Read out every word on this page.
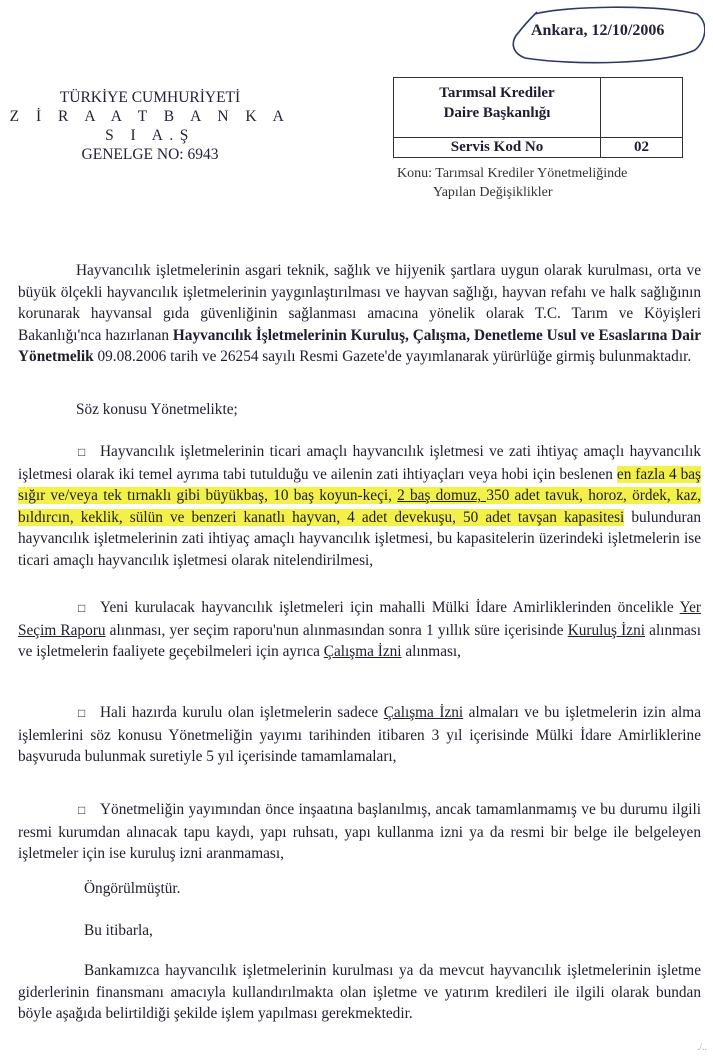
TÜRKİYE CUMHURİYETİ
Z İ R A A T B A N K A S I A.Ş
GENELGE NO: 6943
Ankara, 12/10/2006
Tarımsal Krediler
Daire Başkanlığı	

Servis Kod No	02
Konu: Tarımsal Krediler Yönetmeliğinde
Yapılan Değişiklikler
Hayvancılık işletmelerinin asgari teknik, sağlık ve hijyenik şartlara uygun olarak kurulması, orta ve büyük ölçekli hayvancılık işletmelerinin yaygınlaştırılması ve hayvan sağlığı, hayvan refahı ve halk sağlığının korunarak hayvansal gıda güvenliğinin sağlanması amacına yönelik olarak T.C. Tarım ve Köyişleri Bakanlığı'nca hazırlanan Hayvancılık İşletmelerinin Kuruluş, Çalışma, Denetleme Usul ve Esaslarına Dair Yönetmelik 09.08.2006 tarih ve 26254 sayılı Resmi Gazete'de yayımlanarak yürürlüğe girmiş bulunmaktadır.
Söz konusu Yönetmelikte;
□ Hayvancılık işletmelerinin ticari amaçlı hayvancılık işletmesi ve zati ihtiyaç amaçlı hayvancılık işletmesi olarak iki temel ayrıma tabi tutulduğu ve ailenin zati ihtiyaçları veya hobi için beslenen en fazla 4 baş sığır ve/veya tek tırnaklı gibi büyükbaş, 10 baş koyun-keçi, 2 baş domuz, 350 adet tavuk, horoz, ördek, kaz, bıldırcın, keklik, sülün ve benzeri kanatlı hayvan, 4 adet devekuşu, 50 adet tavşan kapasitesi bulunduran hayvancılık işletmelerinin zati ihtiyaç amaçlı hayvancılık işletmesi, bu kapasitelerin üzerindeki işletmelerin ise ticari amaçlı hayvancılık işletmesi olarak nitelendirilmesi,
□ Yeni kurulacak hayvancılık işletmeleri için mahalli Mülki İdare Amirliklerinden öncelikle Yer Seçim Raporu alınması, yer seçim raporu'nun alınmasından sonra 1 yıllık süre içerisinde Kuruluş İzni alınması ve işletmelerin faaliyete geçebilmeleri için ayrıca Çalışma İzni alınması,
□ Hali hazırda kurulu olan işletmelerin sadece Çalışma İzni almaları ve bu işletmelerin izin alma işlemlerini söz konusu Yönetmeliğin yayımı tarihinden itibaren 3 yıl içerisinde Mülki İdare Amirliklerine başvuruda bulunmak suretiyle 5 yıl içerisinde tamamlamaları,
□ Yönetmeliğin yayımından önce inşaatına başlanılmış, ancak tamamlanmamış ve bu durumu ilgili resmi kurumdan alınacak tapu kaydı, yapı ruhsatı, yapı kullanma izni ya da resmi bir belge ile belgeleyen işletmeler için ise kuruluş izni aranmaması,
Öngörülmüştür.
Bu itibarla,
Bankamızca hayvancılık işletmelerinin kurulması ya da mevcut hayvancılık işletmelerinin işletme giderlerinin finansmanı amacıyla kullandırılmakta olan işletme ve yatırım kredileri ile ilgili olarak bundan böyle aşağıda belirtildiği şekilde işlem yapılması gerekmektedir.
./..
